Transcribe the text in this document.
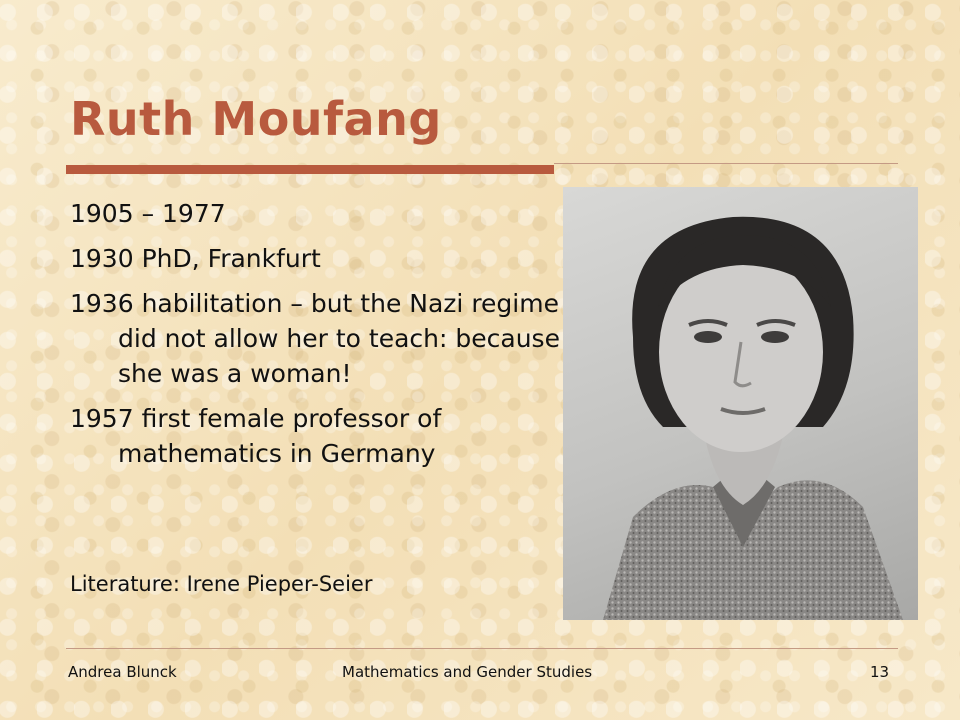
Ruth Moufang
1905 – 1977
1930 PhD, Frankfurt
1936 habilitation – but the Nazi regime did not allow her to teach: because she was a woman!
1957 first female professor of mathematics in Germany
Literature: Irene Pieper-Seier
Andrea Blunck	Mathematics and Gender Studies	13
